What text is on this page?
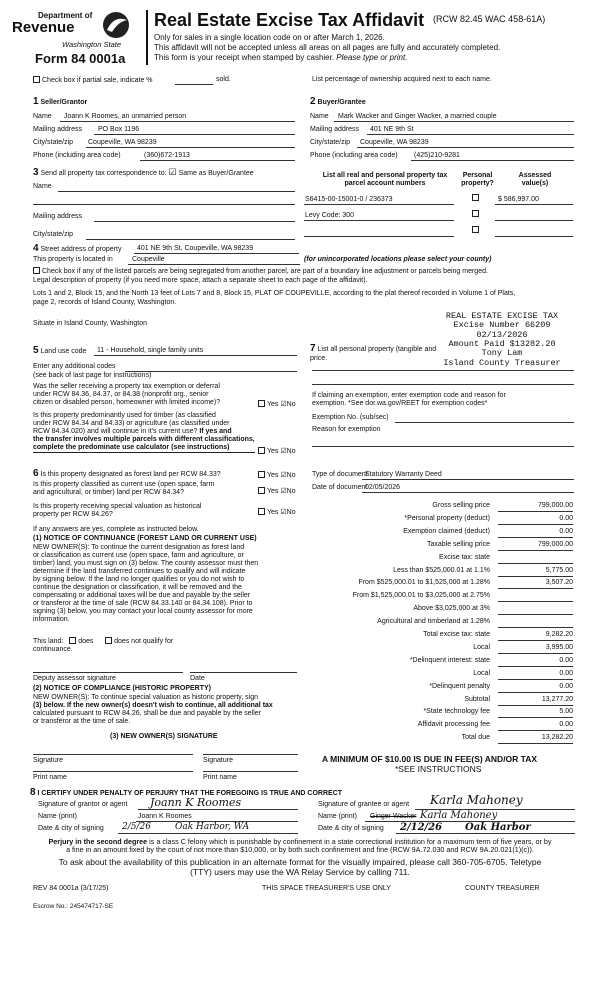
Department of
Revenue
Washington State
Form 84 0001a
Real Estate Excise Tax Affidavit (RCW 82.45 WAC 458-61A)
Only for sales in a single location code on or after March 1, 2026.
This affidavit will not be accepted unless all areas on all pages are fully and accurately completed.
This form is your receipt when stamped by cashier. Please type or print.
Check box if partial sale, indicate %	sold.	List percentage of ownership acquired next to each name.
1 Seller/Grantor
Name Joann K Roomes, an unmarried person
Mailing address PO Box 1196
City/state/zip Coupeville, WA 98239
Phone (including area code)	(360)672-1913
2 Buyer/Grantee
Name Mark Wacker and Ginger Wacker, a married couple
Mailing address 401 NE 9th St
City/state/zip Coupeville, WA 98239
Phone (including area code) (425)210-9281
3 Send all property tax correspondence to: ☑ Same as Buyer/Grantee
Name
Mailing address
City/state/zip
List all real and personal property tax
parcel account numbers
Personal
property?
Assessed
value(s)
S6415-00-15001-0 / 236373	$ 586,997.00
Levy Code: 300
4 Street address of property 401 NE 9th St, Coupeville, WA 98239
This property is located in	Coupeville	(for unincorporated locations please select your county)
Check box if any of the listed parcels are being segregated from another parcel, are part of a boundary line adjustment or parcels being merged.
Legal description of property (if you need more space, attach a separate sheet to each page of the affidavit).
Lots 1 and 2, Block 15, and the North 13 feet of Lots 7 and 8, Block 15, PLAT OF COUPEVILLE, according to the plat thereof recorded in Volume 1 of Plats,
page 2, records of Island County, Washington.
Situate in Island County, Washington
REAL ESTATE EXCISE TAX
Excise Number 66209
02/13/2026
Amount Paid $13282.20
Tony Lam
Island County Treasurer
5 Land use code 11 - Household, single family units
Enter any additional codes
(see back of last page for instructions)
Was the seller receiving a property tax exemption or deferral
under RCW 84.36, 84.37, or 84.38 (nonprofit org., senior
citizen or disabled person, homeowner with limited income)?	Yes ☑No
Is this property predominantly used for timber (as classified
under RCW 84.34 and 84.33) or agriculture (as classified under
RCW 84.34.020) and will continue in it's current use? If yes and
the transfer involves multiple parcels with different classifications,
complete the predominate use calculator (see instructions)
Yes ☑No
7 List all personal property (tangible and
price.
If claiming an exemption, enter exemption code and reason for
exemption. *See dor.wa.gov/REET for exemption codes*
Exemption No. (sub/sec)
Reason for exemption
Type of document
Statutory Warranty Deed
Date of document
02/05/2026
6 Is this property designated as forest land per RCW 84.33?	Yes ☑No
Is this property classified as current use (open space, farm
and agricultural, or timber) land per RCW 84.34?	Yes ☑No
Is this property receiving special valuation as historical
property per RCW 84.26?	Yes ☑No
If any answers are yes, complete as instructed below.
(1) NOTICE OF CONTINUANCE (FOREST LAND OR CURRENT USE)
NEW OWNER(S): To continue the current designation as forest land
or classification as current use (open space, farm and agriculture, or
timber) land, you must sign on (3) below. The county assessor must then
determine if the land transferred continues to qualify and will indicate
by signing below. If the land no longer qualifies or you do not wish to
continue the designation or classification, it will be removed and the
compensating or additional taxes will be due and payable by the seller
or transferor at the time of sale (RCW 84.33.140 or 84.34.108). Prior to
signing (3) below, you may contact your local county assessor for more
information.
This land: does	does not qualify for
continuance.
Deputy assessor signature	Date
(2) NOTICE OF COMPLIANCE (HISTORIC PROPERTY)
NEW OWNER(S): To continue special valuation as historic property, sign
(3) below. If the new owner(s) doesn't wish to continue, all additional tax
calculated pursuant to RCW 84.26, shall be due and payable by the seller
or transferor at the time of sale.
(3) NEW OWNER(S) SIGNATURE
Signature	Signature
Print name	Print name
Gross selling price	799,000.00
*Personal property (deduct)	0.00
Exemption claimed (deduct)	0.00
Taxable selling price	799,000.00
Excise tax: state
Less than $525,000.01 at 1.1%	5,775.00
From $525,000.01 to $1,525,000 at 1.28%	3,507.20
From $1,525,000.01 to $3,025,000 at 2.75%
Above $3,025,000 at 3%
Agricultural and timberland at 1.28%
Total excise tax: state	9,282.20
Local	3,995.00
*Delinquent interest: state	0.00
Local	0.00
*Delinquent penalty	0.00
Subtotal	13,277.20
*State technology fee	5.00
Affidavit processing fee	0.00
Total due	13,282.20
A MINIMUM OF $10.00 IS DUE IN FEE(S) AND/OR TAX
*SEE INSTRUCTIONS
8 I CERTIFY UNDER PENALTY OF PERJURY THAT THE FOREGOING IS TRUE AND CORRECT
Signature of grantor or agent Joann K Roomes
Name (print)	Joann K Roomes
Date & city of signing 2/5/26	Oak Harbor, WA
Signature of grantee or agent Karla Mahoney
Name (print) Ginger Wacker Karla Mahoney
Date & city of signing 2/12/26 Oak Harbor
Perjury in the second degree is a class C felony which is punishable by confinement in a state correctional institution for a maximum term of five years, or by
a fine in an amount fixed by the court of not more than $10,000, or by both such confinement and fine (RCW 9A.72.030 and RCW 9A.20.021(1)(c)).
To ask about the availability of this publication in an alternate format for the visually impaired, please call 360-705-6705. Teletype
(TTY) users may use the WA Relay Service by calling 711.
REV 84 0001a (3/17/25)	THIS SPACE TREASURER'S USE ONLY	COUNTY TREASURER
Escrow No.: 245474717-SE
